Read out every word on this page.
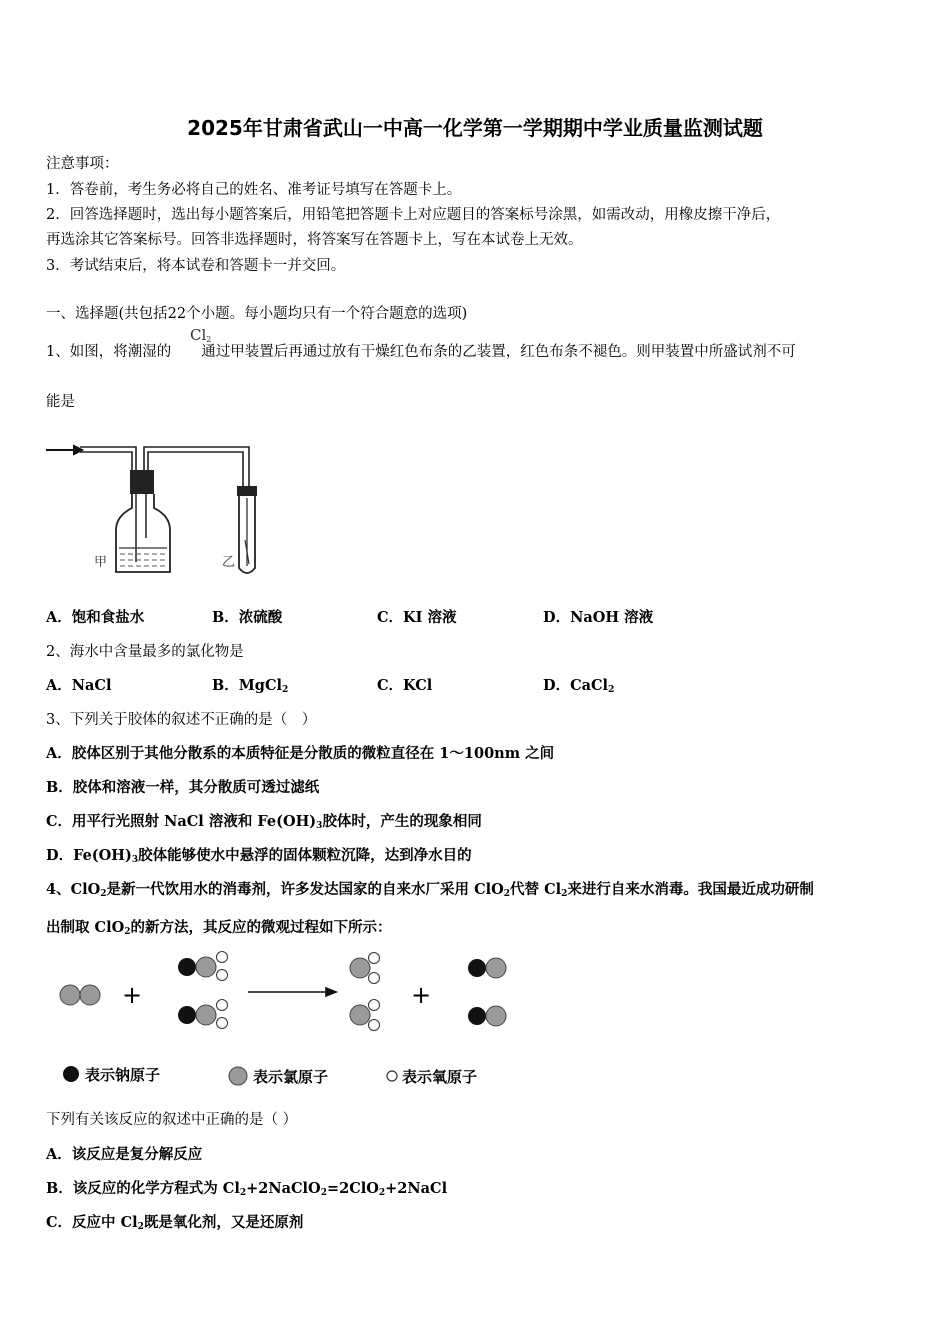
2025年甘肃省武山一中高一化学第一学期期中学业质量监测试题
注意事项：
1．答卷前，考生务必将自己的姓名、准考证号填写在答题卡上。
2．回答选择题时，选出每小题答案后，用铅笔把答题卡上对应题目的答案标号涂黑，如需改动，用橡皮擦干净后，
再选涂其它答案标号。回答非选择题时，将答案写在答题卡上，写在本试卷上无效。
3．考试结束后，将本试卷和答题卡一并交回。
一、选择题(共包括22个小题。每小题均只有一个符合题意的选项)
1、如图，将潮湿的 通过甲装置后再通过放有干燥红色布条的乙装置，红色布条不褪色。则甲装置中所盛试剂不可
$Cl_2$
能是
甲	乙
A．饱和食盐水	B．浓硫酸	C．KI 溶液	D．NaOH 溶液
2、海水中含量最多的氯化物是
A．NaCl	B．MgCl$_2$	C．KCl	D．CaCl$_2$
3、下列关于胶体的叙述不正确的是（　）
A．胶体区别于其他分散系的本质特征是分散质的微粒直径在 1～100nm 之间
B．胶体和溶液一样，其分散质可透过滤纸
C．用平行光照射 NaCl 溶液和 $Fe(OH)_3$胶体时，产生的现象相同
D．$Fe(OH)_3$胶体能够使水中悬浮的固体颗粒沉降，达到净水目的
4、ClO$_2$是新一代饮用水的消毒剂，许多发达国家的自来水厂采用 ClO$_2$代替 $Cl_2$来进行自来水消毒。我国最近成功研制
出制取 ClO$_2$的新方法，其反应的微观过程如下所示：
+	+
表示钠原子	表示氯原子	表示氧原子
下列有关该反应的叙述中正确的是（ ）
A．该反应是复分解反应
B．该反应的化学方程式为 $Cl_2+2NaClO_2=2ClO_2+2NaCl$
C．反应中 $Cl_2$既是氧化剂，又是还原剂
